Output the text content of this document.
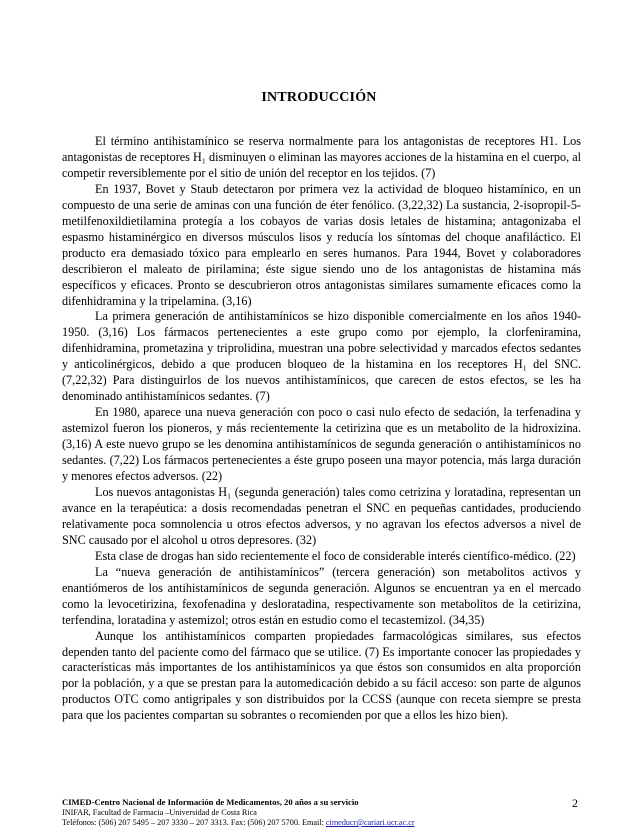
INTRODUCCIÓN

El término antihistamínico se reserva normalmente para los antagonistas de receptores H1. Los antagonistas de receptores H₁ disminuyen o eliminan las mayores acciones de la histamina en el cuerpo, al competir reversiblemente por el sitio de unión del receptor en los tejidos. (7)

En 1937, Bovet y Staub detectaron por primera vez la actividad de bloqueo histamínico, en un compuesto de una serie de aminas con una función de éter fenólico. (3,22,32) La sustancia, 2-isopropil-5-metilfenoxildietilamina protegía a los cobayos de varias dosis letales de histamina; antagonizaba el espasmo histaminérgico en diversos músculos lisos y reducía los síntomas del choque anafiláctico. El producto era demasiado tóxico para emplearlo en seres humanos. Para 1944, Bovet y colaboradores describieron el maleato de pirilamina; éste sigue siendo uno de los antagonistas de histamina más específicos y eficaces. Pronto se descubrieron otros antagonistas similares sumamente eficaces como la difenhidramina y la tripelamina. (3,16)

La primera generación de antihistamínicos se hizo disponible comercialmente en los años 1940-1950. (3,16) Los fármacos pertenecientes a este grupo como por ejemplo, la clorfeniramina, difenhidramina, prometazina y triprolidina, muestran una pobre selectividad y marcados efectos sedantes y anticolinérgicos, debido a que producen bloqueo de la histamina en los receptores H₁ del SNC. (7,22,32) Para distinguirlos de los nuevos antihistamínicos, que carecen de estos efectos, se les ha denominado antihistamínicos sedantes. (7)

En 1980, aparece una nueva generación con poco o casi nulo efecto de sedación, la terfenadina y astemizol fueron los pioneros, y más recientemente la cetirizina que es un metabolito de la hidroxizina. (3,16) A este nuevo grupo se les denomina antihistamínicos de segunda generación o antihistamínicos no sedantes. (7,22) Los fármacos pertenecientes a éste grupo poseen una mayor potencia, más larga duración y menores efectos adversos. (22)

Los nuevos antagonistas H₁ (segunda generación) tales como cetrizina y loratadina, representan un avance en la terapéutica: a dosis recomendadas penetran el SNC en pequeñas cantidades, produciendo relativamente poca somnolencia u otros efectos adversos, y no agravan los efectos adversos a nivel de SNC causado por el alcohol u otros depresores. (32)

Esta clase de drogas han sido recientemente el foco de considerable interés científico-médico. (22)

La “nueva generación de antihistamínicos” (tercera generación) son metabolitos activos y enantiómeros de los antihistamínicos de segunda generación. Algunos se encuentran ya en el mercado como la levocetirizina, fexofenadina y desloratadina, respectivamente son metabolitos de la cetirizina, terfendina, loratadina y astemizol; otros están en estudio como el tecastemizol. (34,35)

Aunque los antihistamínicos comparten propiedades farmacológicas similares, sus efectos dependen tanto del paciente como del fármaco que se utilice. (7) Es importante conocer las propiedades y características más importantes de los antihistamínicos ya que éstos son consumidos en alta proporción por la población, y a que se prestan para la automedicación debido a su fácil acceso: son parte de algunos productos OTC como antigripales y son distribuidos por la CCSS (aunque con receta siempre se presta para que los pacientes compartan su sobrantes o recomienden por que a ellos les hizo bien).

CIMED-Centro Nacional de Información de Medicamentos, 20 años a su servicio
INIFAR, Facultad de Farmacia –Universidad de Costa Rica
Teléfonos: (506) 207 5495 – 207 3330 – 207 3313. Fax: (506) 207 5700. Email: cimeducr@cariari.ucr.ac.cr
2
